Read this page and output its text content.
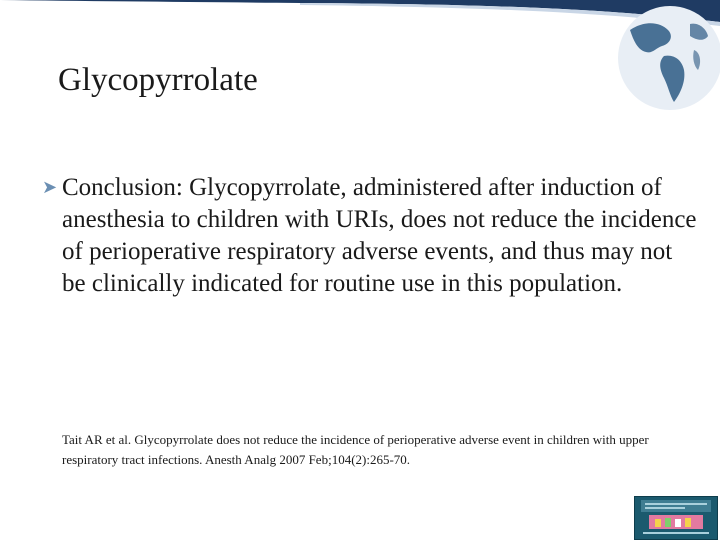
Glycopyrrolate
➤ Conclusion: Glycopyrrolate, administered after induction of anesthesia to children with URIs, does not reduce the incidence of perioperative respiratory adverse events, and thus may not be clinically indicated for routine use in this population.
Tait AR et al. Glycopyrrolate does not reduce the incidence of perioperative adverse event in children with upper respiratory tract infections. Anesth Analg 2007 Feb;104(2):265-70.
